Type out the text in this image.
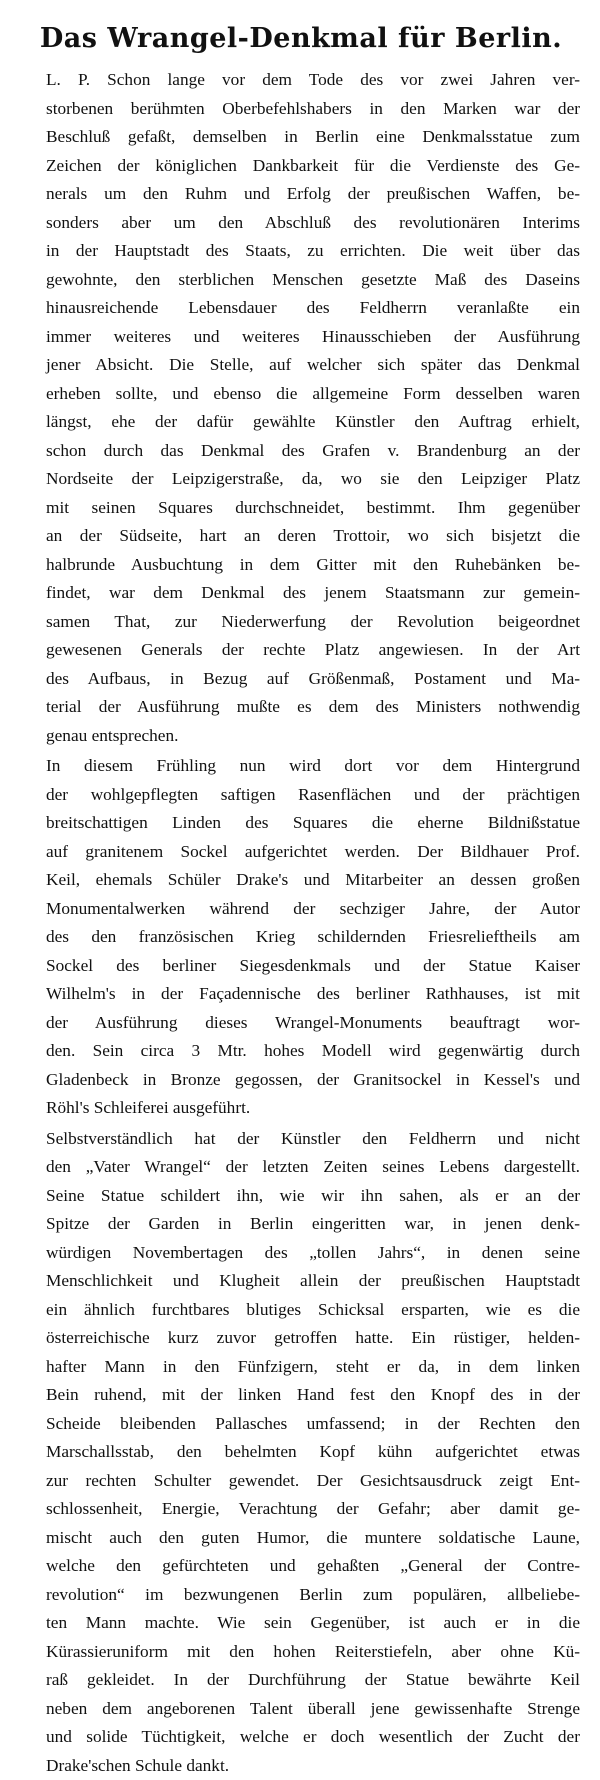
Das Wrangel-Denkmal für Berlin.

L. P. Schon lange vor dem Tode des vor zwei Jahren ver-
storbenen berühmten Oberbefehlshabers in den Marken war der
Beschluß gefaßt, demselben in Berlin eine Denkmalsstatue zum
Zeichen der königlichen Dankbarkeit für die Verdienste des Ge-
nerals um den Ruhm und Erfolg der preußischen Waffen, be-
sonders aber um den Abschluß des revolutionären Interims
in der Hauptstadt des Staats, zu errichten. Die weit über das
gewohnte, den sterblichen Menschen gesetzte Maß des Daseins
hinausreichende Lebensdauer des Feldherrn veranlaßte ein
immer weiteres und weiteres Hinausschieben der Ausführung
jener Absicht. Die Stelle, auf welcher sich später das Denkmal
erheben sollte, und ebenso die allgemeine Form desselben waren
längst, ehe der dafür gewählte Künstler den Auftrag erhielt,
schon durch das Denkmal des Grafen v. Brandenburg an der
Nordseite der Leipzigerstraße, da, wo sie den Leipziger Platz
mit seinen Squares durchschneidet, bestimmt. Ihm gegenüber
an der Südseite, hart an deren Trottoir, wo sich bisjetzt die
halbrunde Ausbuchtung in dem Gitter mit den Ruhebänken be-
findet, war dem Denkmal des jenem Staatsmann zur gemein-
samen That, zur Niederwerfung der Revolution beigeordnet
gewesenen Generals der rechte Platz angewiesen. In der Art
des Aufbaus, in Bezug auf Größenmaß, Postament und Ma-
terial der Ausführung mußte es dem des Ministers nothwendig
genau entsprechen.

In diesem Frühling nun wird dort vor dem Hintergrund
der wohlgepflegten saftigen Rasenflächen und der prächtigen
breitschattigen Linden des Squares die eherne Bildnißstatue
auf granitenem Sockel aufgerichtet werden. Der Bildhauer Prof.
Keil, ehemals Schüler Drake's und Mitarbeiter an dessen großen
Monumentalwerken während der sechziger Jahre, der Autor
des den französischen Krieg schildernden Friesrelieftheils am
Sockel des berliner Siegesdenkmals und der Statue Kaiser
Wilhelm's in der Façadennische des berliner Rathhauses, ist mit
der Ausführung dieses Wrangel-Monuments beauftragt wor-
den. Sein circa 3 Mtr. hohes Modell wird gegenwärtig durch
Gladenbeck in Bronze gegossen, der Granitsockel in Kessel's und
Röhl's Schleiferei ausgeführt.

Selbstverständlich hat der Künstler den Feldherrn und nicht
den „Vater Wrangel“ der letzten Zeiten seines Lebens dargestellt.
Seine Statue schildert ihn, wie wir ihn sahen, als er an der
Spitze der Garden in Berlin eingeritten war, in jenen denk-
würdigen Novembertagen des „tollen Jahrs“, in denen seine
Menschlichkeit und Klugheit allein der preußischen Hauptstadt
ein ähnlich furchtbares blutiges Schicksal ersparten, wie es die
österreichische kurz zuvor getroffen hatte. Ein rüstiger, helden-
hafter Mann in den Fünfzigern, steht er da, in dem linken
Bein ruhend, mit der linken Hand fest den Knopf des in der
Scheide bleibenden Pallasches umfassend; in der Rechten den
Marschallsstab, den behelmten Kopf kühn aufgerichtet etwas
zur rechten Schulter gewendet. Der Gesichtsausdruck zeigt Ent-
schlossenheit, Energie, Verachtung der Gefahr; aber damit ge-
mischt auch den guten Humor, die muntere soldatische Laune,
welche den gefürchteten und gehaßten „General der Contre-
revolution“ im bezwungenen Berlin zum populären, allbeliebe-
ten Mann machte. Wie sein Gegenüber, ist auch er in die
Kürassieruniform mit den hohen Reiterstiefeln, aber ohne Kü-
raß gekleidet. In der Durchführung der Statue bewährte Keil
neben dem angeborenen Talent überall jene gewissenhafte Strenge
und solide Tüchtigkeit, welche er doch wesentlich der Zucht der
Drake'schen Schule dankt.
